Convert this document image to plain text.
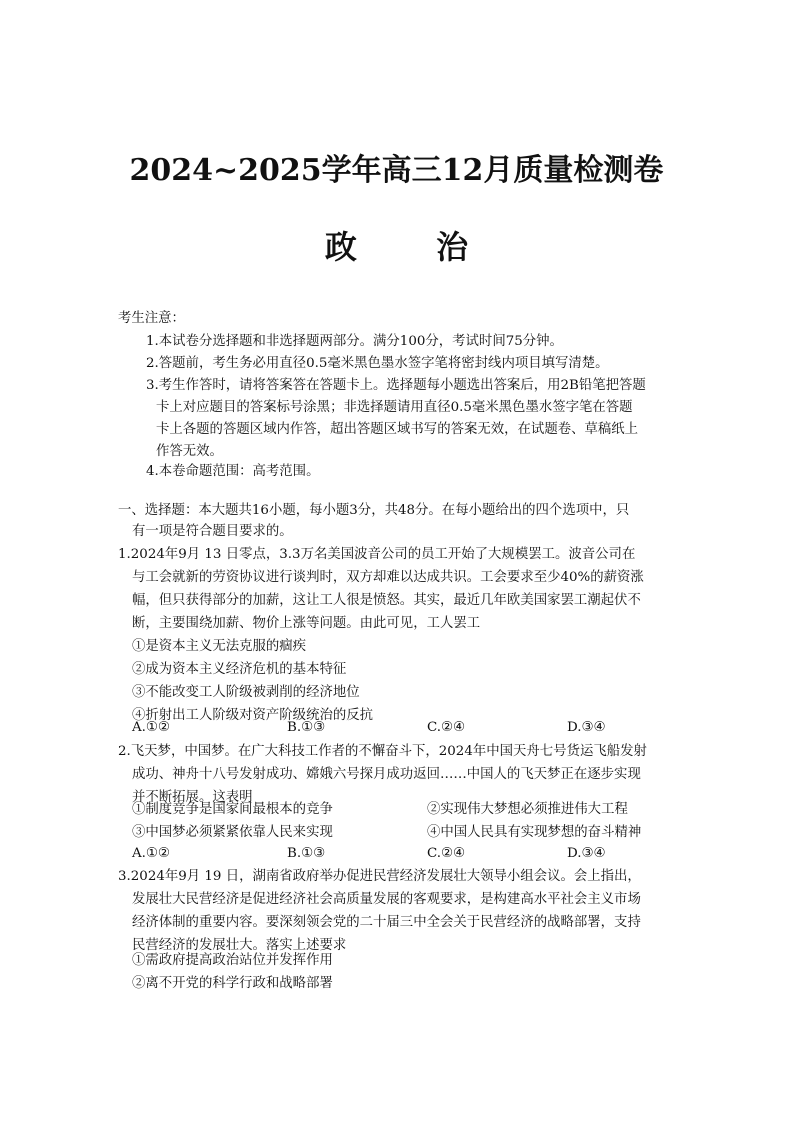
2024~2025学年高三12月质量检测卷
政 治
考生注意：
1.本试卷分选择题和非选择题两部分。满分100分，考试时间75分钟。
2.答题前，考生务必用直径0.5毫米黑色墨水签字笔将密封线内项目填写清楚。
3.考生作答时，请将答案答在答题卡上。选择题每小题选出答案后，用2B铅笔把答题
卡上对应题目的答案标号涂黑；非选择题请用直径0.5毫米黑色墨水签字笔在答题
卡上各题的答题区域内作答，超出答题区域书写的答案无效，在试题卷、草稿纸上
作答无效。
4.本卷命题范围：高考范围。
一、选择题：本大题共16小题，每小题3分，共48分。在每小题给出的四个选项中，只
有一项是符合题目要求的。
1.2024年9月 13 日零点，3.3万名美国波音公司的员工开始了大规模罢工。波音公司在
与工会就新的劳资协议进行谈判时，双方却难以达成共识。工会要求至少40%的薪资涨
幅，但只获得部分的加薪，这让工人很是愤怒。其实，最近几年欧美国家罢工潮起伏不
断，主要围绕加薪、物价上涨等问题。由此可见，工人罢工
①是资本主义无法克服的痼疾
②成为资本主义经济危机的基本特征
③不能改变工人阶级被剥削的经济地位
④折射出工人阶级对资产阶级统治的反抗
A.①②	B.①③	C.②④	D.③④
2.飞天梦，中国梦。在广大科技工作者的不懈奋斗下，2024年中国天舟七号货运飞船发射
成功、神舟十八号发射成功、嫦娥六号探月成功返回……中国人的飞天梦正在逐步实现
并不断拓展。这表明
①制度竞争是国家间最根本的竞争	②实现伟大梦想必须推进伟大工程
③中国梦必须紧紧依靠人民来实现	④中国人民具有实现梦想的奋斗精神
A.①②	B.①③	C.②④	D.③④
3.2024年9月 19 日，湖南省政府举办促进民营经济发展壮大领导小组会议。会上指出，
发展壮大民营经济是促进经济社会高质量发展的客观要求，是构建高水平社会主义市场
经济体制的重要内容。要深刻领会党的二十届三中全会关于民营经济的战略部署，支持
民营经济的发展壮大。落实上述要求
①需政府提高政治站位并发挥作用
②离不开党的科学行政和战略部署
